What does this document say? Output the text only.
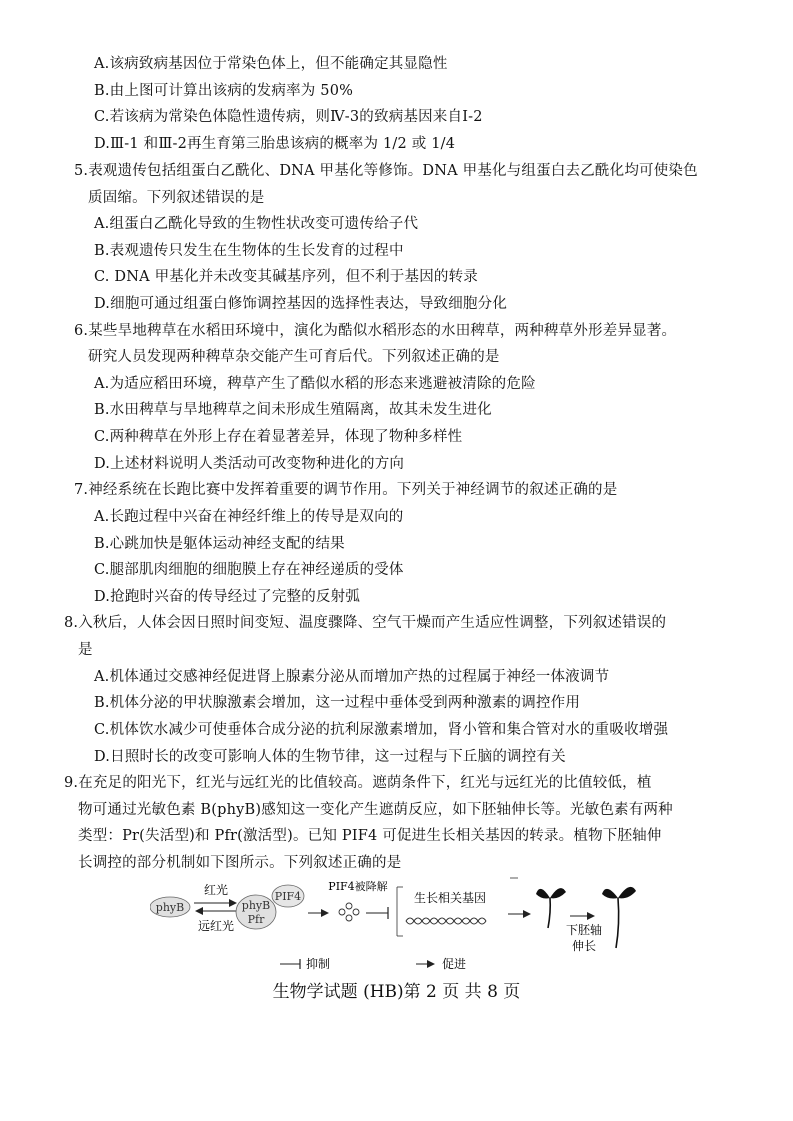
A.该病致病基因位于常染色体上，但不能确定其显隐性
B.由上图可计算出该病的发病率为 50%
C.若该病为常染色体隐性遗传病，则Ⅳ-3的致病基因来自Ⅰ-2
D.Ⅲ-1 和Ⅲ-2再生育第三胎患该病的概率为 1/2 或 1/4
5.表观遗传包括组蛋白乙酰化、DNA 甲基化等修饰。DNA 甲基化与组蛋白去乙酰化均可使染色
质固缩。下列叙述错误的是
A.组蛋白乙酰化导致的生物性状改变可遗传给子代
B.表观遗传只发生在生物体的生长发育的过程中
C. DNA 甲基化并未改变其碱基序列，但不利于基因的转录
D.细胞可通过组蛋白修饰调控基因的选择性表达，导致细胞分化
6.某些旱地稗草在水稻田环境中，演化为酷似水稻形态的水田稗草，两种稗草外形差异显著。
研究人员发现两种稗草杂交能产生可育后代。下列叙述正确的是
A.为适应稻田环境，稗草产生了酷似水稻的形态来逃避被清除的危险
B.水田稗草与旱地稗草之间未形成生殖隔离，故其未发生进化
C.两种稗草在外形上存在着显著差异，体现了物种多样性
D.上述材料说明人类活动可改变物种进化的方向
7.神经系统在长跑比赛中发挥着重要的调节作用。下列关于神经调节的叙述正确的是
A.长跑过程中兴奋在神经纤维上的传导是双向的
B.心跳加快是躯体运动神经支配的结果
C.腿部肌肉细胞的细胞膜上存在神经递质的受体
D.抢跑时兴奋的传导经过了完整的反射弧
8.入秋后，人体会因日照时间变短、温度骤降、空气干燥而产生适应性调整，下列叙述错误的
是
A.机体通过交感神经促进肾上腺素分泌从而增加产热的过程属于神经一体液调节
B.机体分泌的甲状腺激素会增加，这一过程中垂体受到两种激素的调控作用
C.机体饮水减少可使垂体合成分泌的抗利尿激素增加，肾小管和集合管对水的重吸收增强
D.日照时长的改变可影响人体的生物节律，这一过程与下丘脑的调控有关
9.在充足的阳光下，红光与远红光的比值较高。遮荫条件下，红光与远红光的比值较低，植
物可通过光敏色素 B(phyB)感知这一变化产生遮荫反应，如下胚轴伸长等。光敏色素有两种
类型：Pr(失活型)和 Pfr(激活型)。已知 PIF4 可促进生长相关基因的转录。植物下胚轴伸
长调控的部分机制如下图所示。下列叙述正确的是
phyB
红光
远红光
phyB
Pfr
PIF4
PIF4被降解
生长相关基因
下胚轴
伸长
抑制	促进
生物学试题 (HB)第 2 页 共 8 页
